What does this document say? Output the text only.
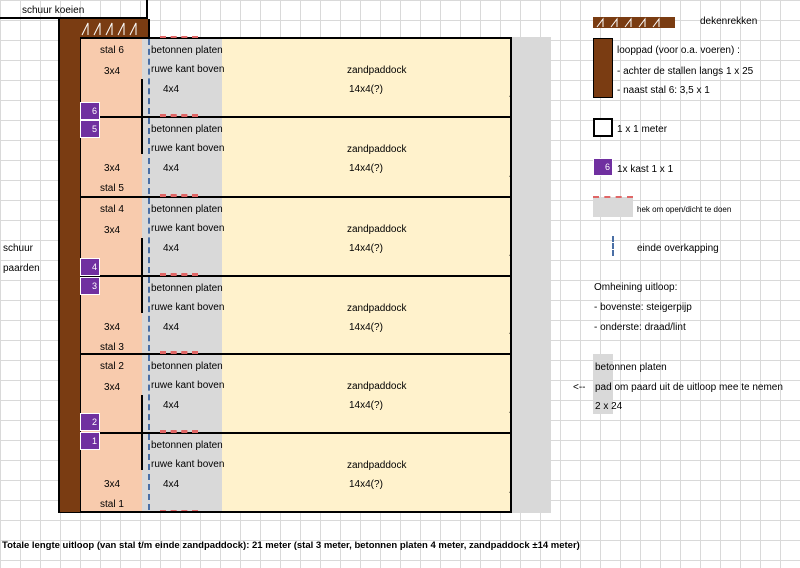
schuur koeien
schuur
paarden
stal 6
3x4
betonnen platen
ruwe kant boven
4x4
zandpaddock
14x4(?)
stal 5
3x4
betonnen platen
ruwe kant boven
4x4
zandpaddock
14x4(?)
stal 4
3x4
betonnen platen
ruwe kant boven
4x4
zandpaddock
14x4(?)
stal 3
3x4
betonnen platen
ruwe kant boven
4x4
zandpaddock
14x4(?)
stal 2
3x4
betonnen platen
ruwe kant boven
4x4
zandpaddock
14x4(?)
stal 1
3x4
betonnen platen
ruwe kant boven
4x4
zandpaddock
14x4(?)
6
5
4
3
2
1
Totale lengte uitloop (van stal t/m einde zandpaddock): 21 meter (stal 3 meter, betonnen platen 4 meter, zandpaddock ±14 meter)
dekenrekken
looppad (voor o.a. voeren) :
- achter de stallen langs 1 x 25
- naast stal 6: 3,5 x 1
1 x 1 meter
6 1x kast 1 x 1
hek om open/dicht te doen
einde overkapping
Omheining uitloop:
- bovenste: steigerpijp
- onderste: draad/lint
betonnen platen
<-- pad om paard uit de uitloop mee te nemen
2 x 24
